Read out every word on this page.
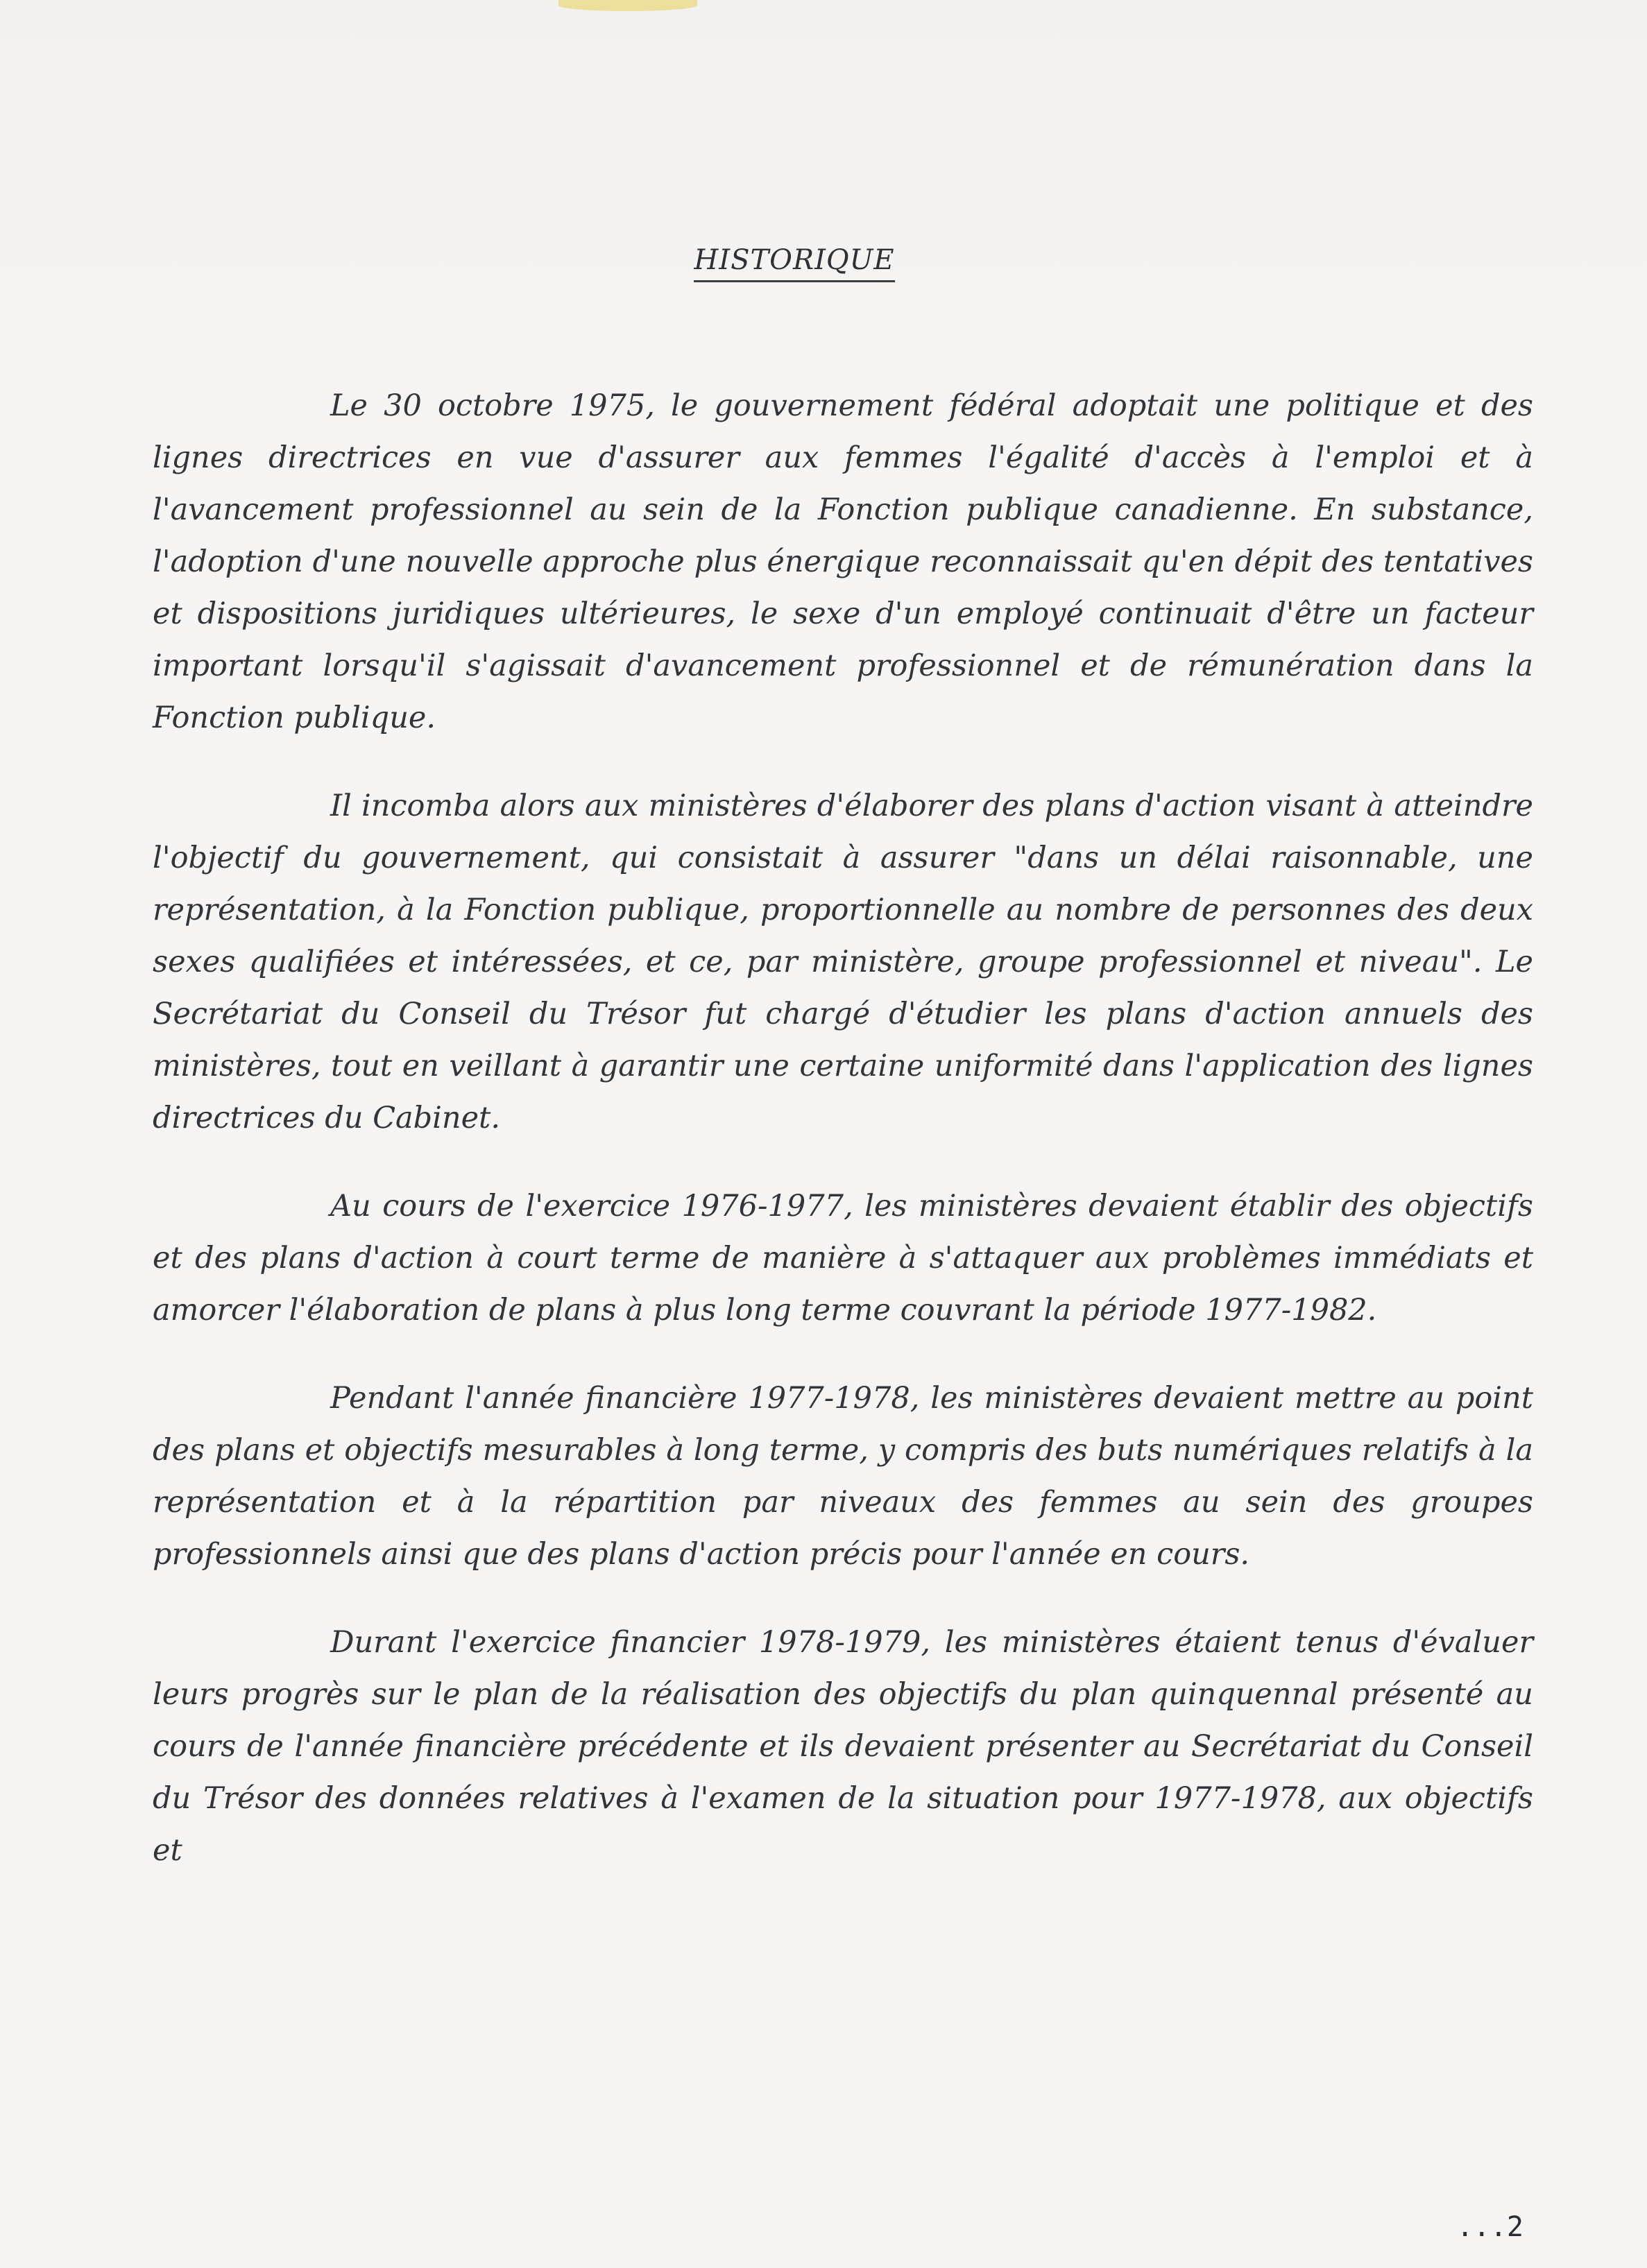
HISTORIQUE

Le 30 octobre 1975, le gouvernement fédéral adoptait une politique et des lignes directrices en vue d'assurer aux femmes l'égalité d'accès à l'emploi et à l'avancement professionnel au sein de la Fonction publique canadienne. En substance, l'adoption d'une nouvelle approche plus énergique reconnaissait qu'en dépit des tentatives et dispositions juridiques ultérieures, le sexe d'un employé continuait d'être un facteur important lorsqu'il s'agissait d'avancement professionnel et de rémunération dans la Fonction publique.

Il incomba alors aux ministères d'élaborer des plans d'action visant à atteindre l'objectif du gouvernement, qui consistait à assurer "dans un délai raisonnable, une représentation, à la Fonction publique, proportionnelle au nombre de personnes des deux sexes qualifiées et intéressées, et ce, par ministère, groupe professionnel et niveau". Le Secrétariat du Conseil du Trésor fut chargé d'étudier les plans d'action annuels des ministères, tout en veillant à garantir une certaine uniformité dans l'application des lignes directrices du Cabinet.

Au cours de l'exercice 1976-1977, les ministères devaient établir des objectifs et des plans d'action à court terme de manière à s'attaquer aux problèmes immédiats et amorcer l'élaboration de plans à plus long terme couvrant la période 1977-1982.

Pendant l'année financière 1977-1978, les ministères devaient mettre au point des plans et objectifs mesurables à long terme, y compris des buts numériques relatifs à la représentation et à la répartition par niveaux des femmes au sein des groupes professionnels ainsi que des plans d'action précis pour l'année en cours.

Durant l'exercice financier 1978-1979, les ministères étaient tenus d'évaluer leurs progrès sur le plan de la réalisation des objectifs du plan quinquennal présenté au cours de l'année financière précédente et ils devaient présenter au Secrétariat du Conseil du Trésor des données relatives à l'examen de la situation pour 1977-1978, aux objectifs et

...2
